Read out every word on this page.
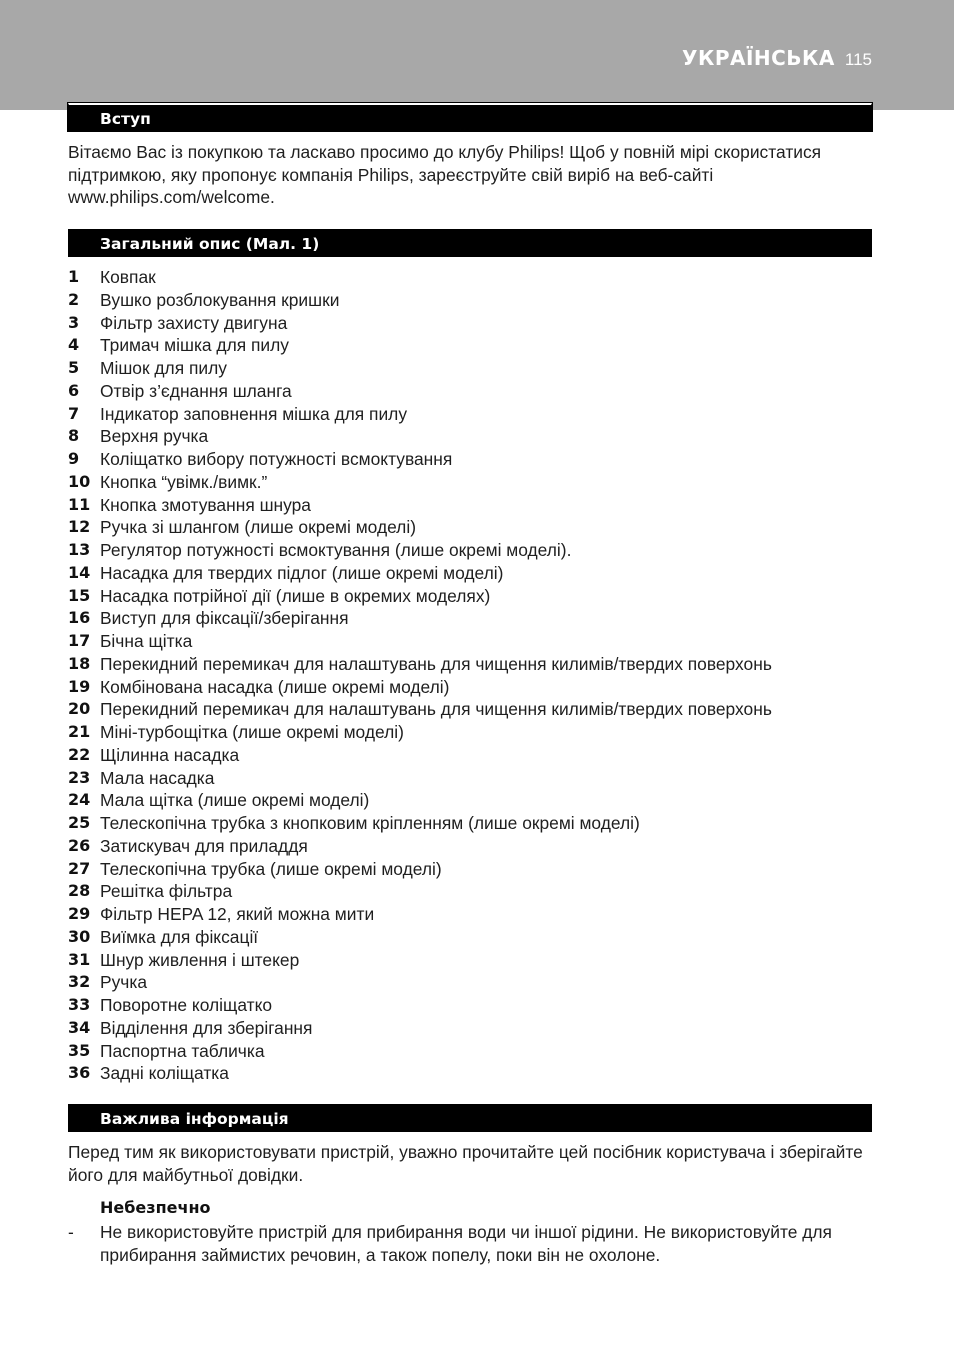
УКРАЇНСЬКА 115
Вступ
Вітаємо Вас із покупкою та ласкаво просимо до клубу Philips! Щоб у повній мірі скористатися підтримкою, яку пропонує компанія Philips, зареєструйте свій виріб на веб-сайті www.philips.com/welcome.
Загальний опис (Мал. 1)
1	Ковпак
2	Вушко розблокування кришки
3	Фільтр захисту двигуна
4	Тримач мішка для пилу
5	Мішок для пилу
6	Отвір з’єднання шланга
7	Індикатор заповнення мішка для пилу
8	Верхня ручка
9	Коліщатко вибору потужності всмоктування
10 Кнопка “увімк./вимк.”
11 Кнопка змотування шнура
12 Ручка зі шлангом (лише окремі моделі)
13 Регулятор потужності всмоктування (лише окремі моделі).
14 Насадка для твердих підлог (лише окремі моделі)
15 Насадка потрійної дії (лише в окремих моделях)
16 Виступ для фіксації/зберігання
17 Бічна щітка
18 Перекидний перемикач для налаштувань для чищення килимів/твердих поверхонь
19 Комбінована насадка (лише окремі моделі)
20 Перекидний перемикач для налаштувань для чищення килимів/твердих поверхонь
21 Міні-турбощітка (лише окремі моделі)
22 Щілинна насадка
23 Мала насадка
24 Мала щітка (лише окремі моделі)
25 Телескопічна трубка з кнопковим кріпленням (лише окремі моделі)
26 Затискувач для приладдя
27 Телескопічна трубка (лише окремі моделі)
28 Решітка фільтра
29 Фільтр HEPA 12, який можна мити
30 Виїмка для фіксації
31 Шнур живлення і штекер
32 Ручка
33 Поворотне коліщатко
34 Відділення для зберігання
35 Паспортна табличка
36 Задні коліщатка
Важлива інформація
Перед тим як використовувати пристрій, уважно прочитайте цей посібник користувача і зберігайте його для майбутньої довідки.
Небезпечно
-	Не використовуйте пристрій для прибирання води чи іншої рідини. Не використовуйте для прибирання займистих речовин, а також попелу, поки він не охолоне.
